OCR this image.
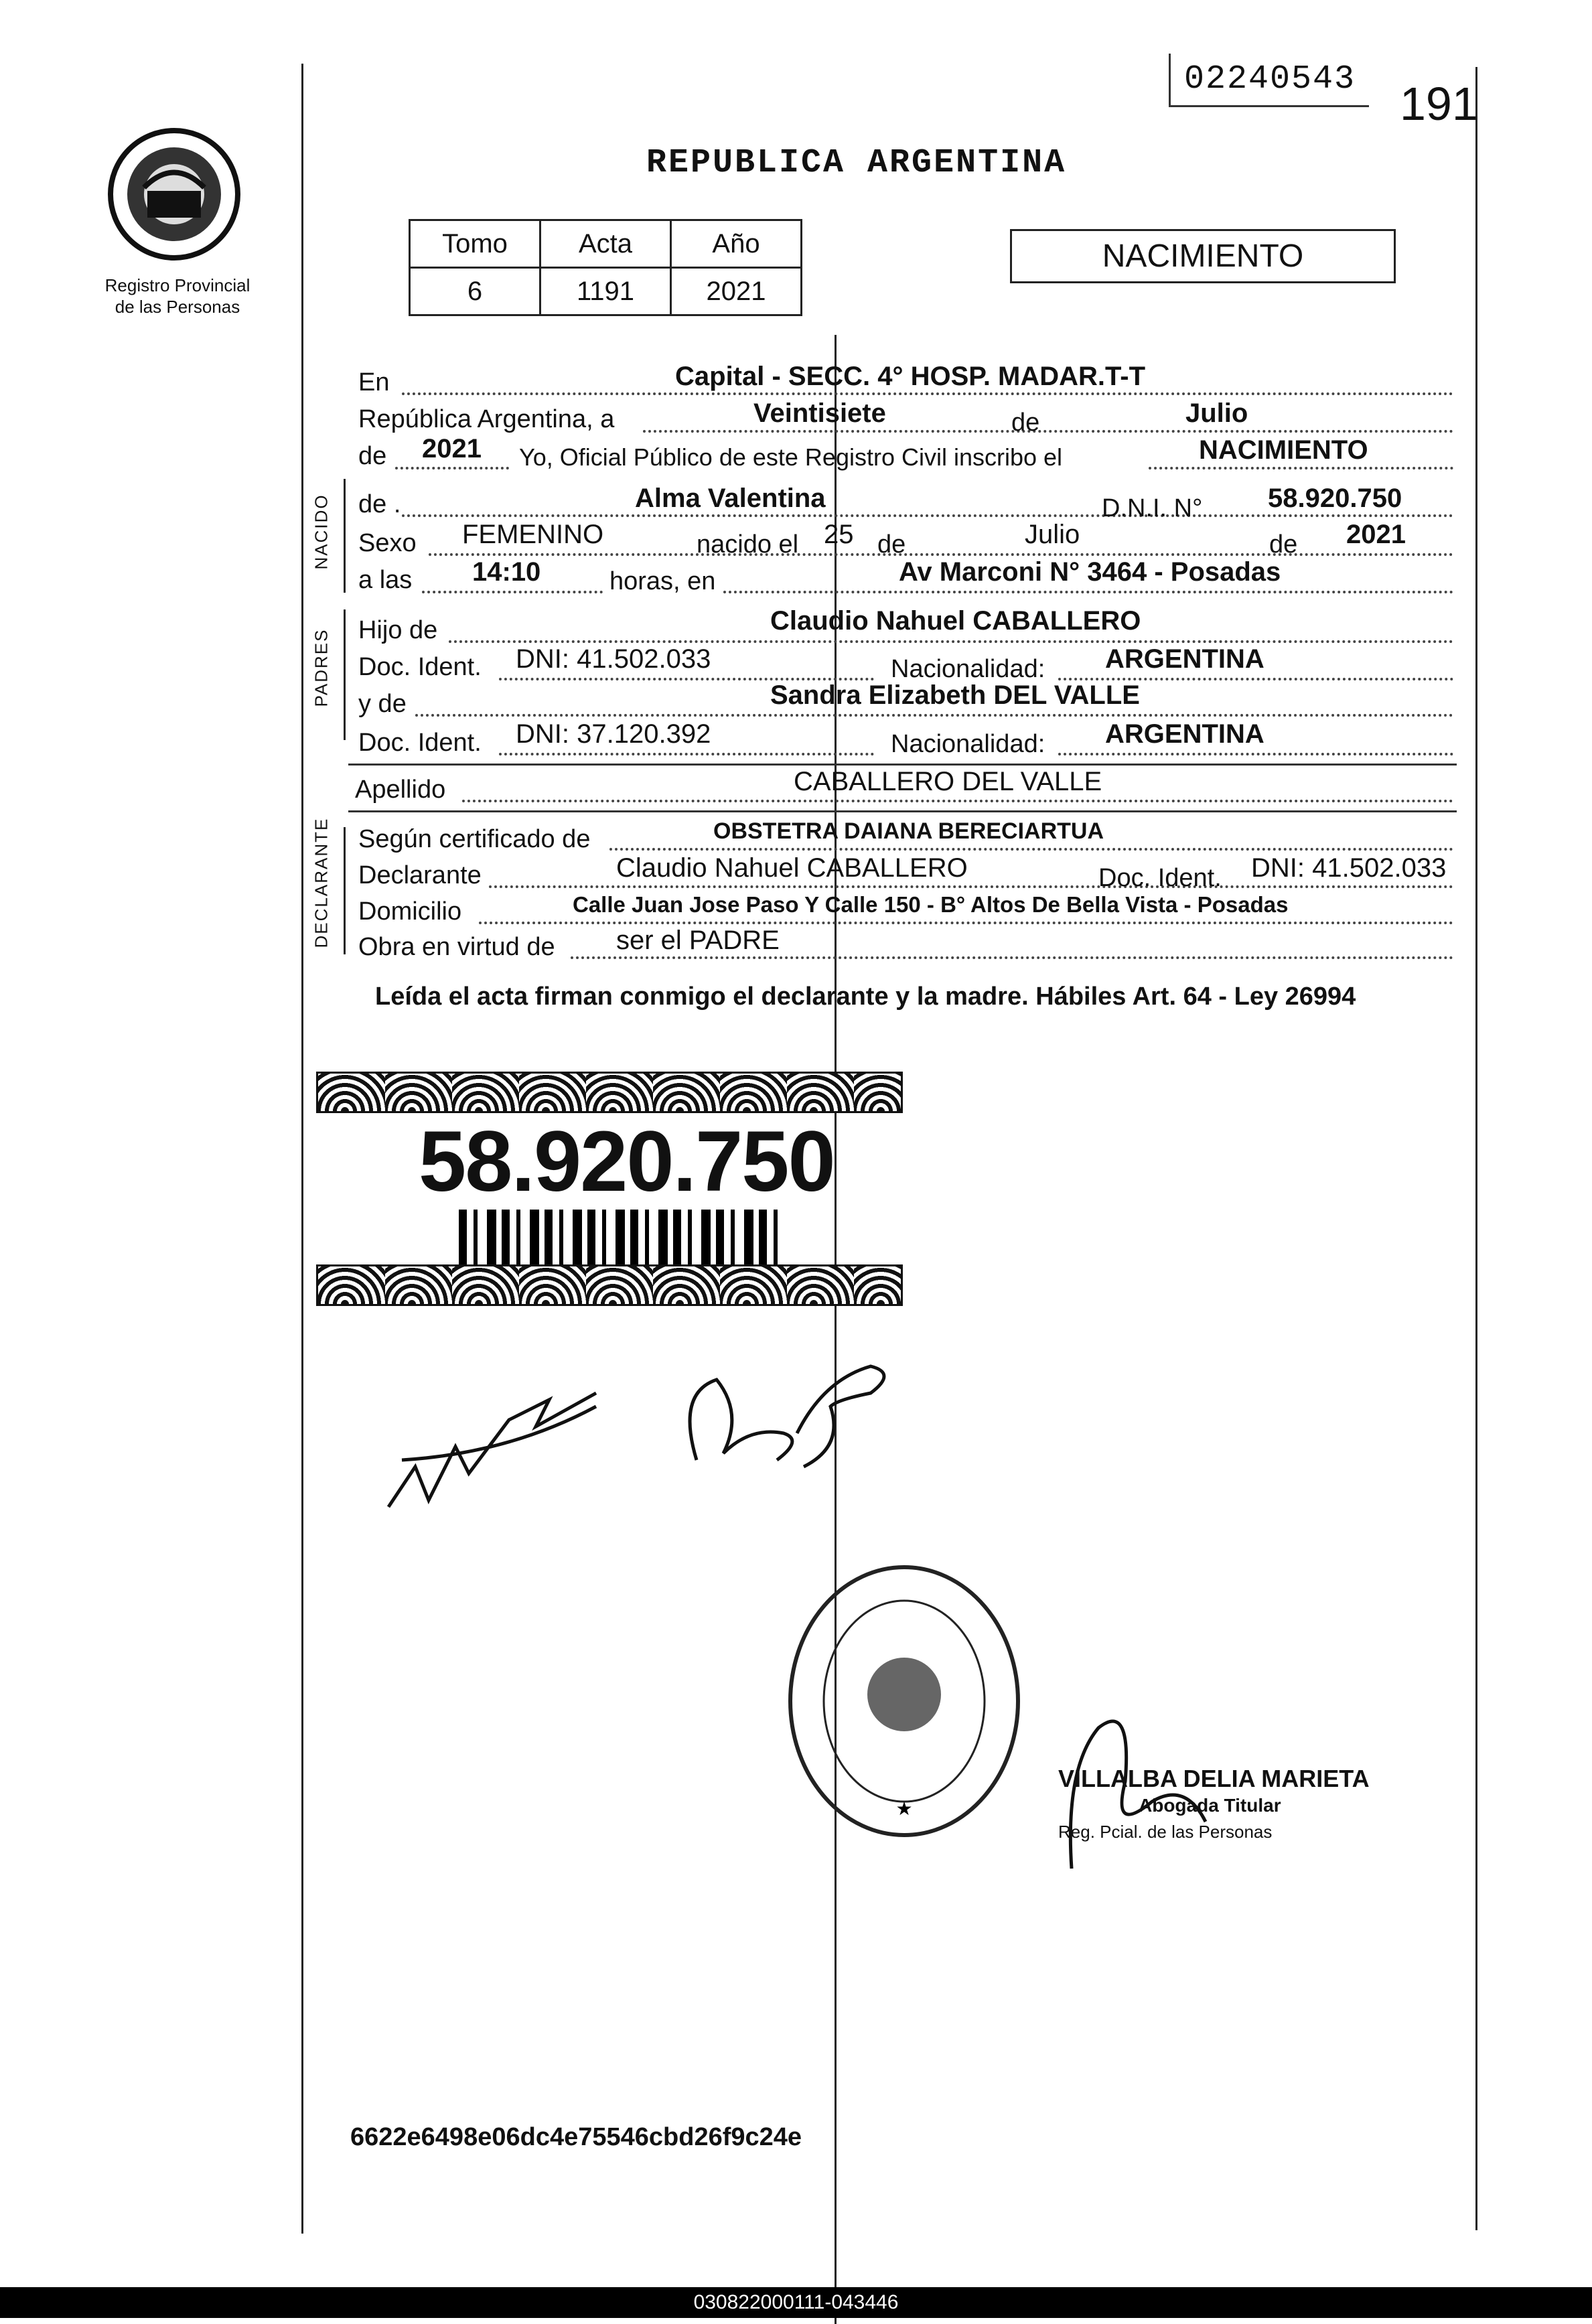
Registro Provincial de las Personas
02240543 191
REPUBLICA ARGENTINA
Tomo	Acta	Año
6	1191	2021
NACIMIENTO
NACIDO
PADRES
DECLARANTE
En	Capital - SECC. 4° HOSP. MADAR.T-T
República Argentina, a	Veintisiete	de	Julio
de 2021 Yo, Oficial Público de este Registro Civil inscribo el	NACIMIENTO
de .	Alma Valentina	D.N.I. N° 58.920.750
Sexo FEMENINO	nacido el 25 de	Julio	de 2021
a las 14:10	horas, en	Av Marconi N° 3464 - Posadas
Hijo de	Claudio Nahuel CABALLERO
Doc. Ident. DNI: 41.502.033	Nacionalidad: ARGENTINA
y de	Sandra Elizabeth DEL VALLE
Doc. Ident. DNI: 37.120.392	Nacionalidad: ARGENTINA
Apellido	CABALLERO DEL VALLE
Según certificado de	OBSTETRA DAIANA BERECIARTUA
Declarante	Claudio Nahuel CABALLERO	Doc. Ident. DNI: 41.502.033
Domicilio	Calle Juan Jose Paso Y Calle 150 - B° Altos De Bella Vista - Posadas
Obra en virtud de ser el PADRE
Leída el acta firman conmigo el declarante y la madre. Hábiles Art. 64 - Ley 26994
58.920.750
★
VILLALBA DELIA MARIETA
Abogada Titular
Reg. Pcial. de las Personas
6622e6498e06dc4e75546cbd26f9c24e
030822000111-043446
